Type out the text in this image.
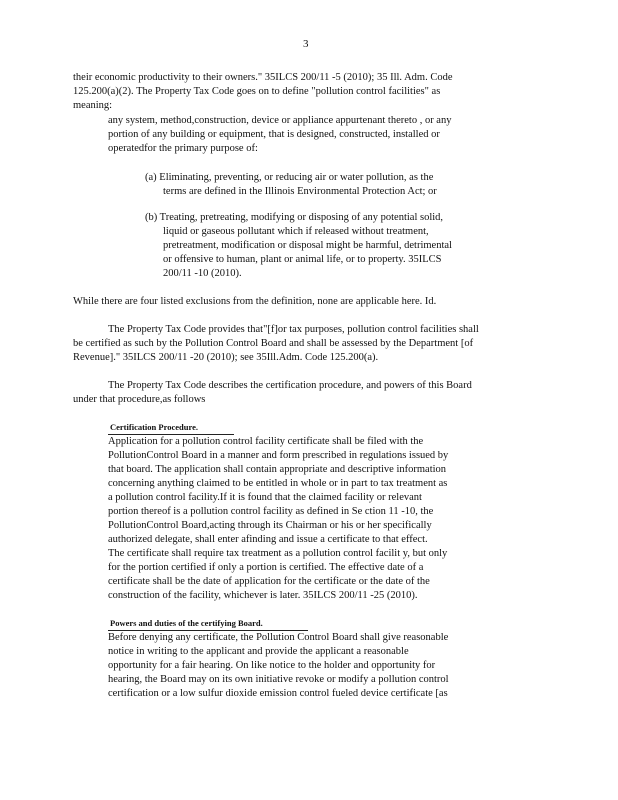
3
their economic productivity to their owners." 35ILCS 200/11 -5 (2010); 35 Ill. Adm. Code
125.200(a)(2). The Property Tax Code goes on to define "pollution control facilities" as
meaning:
any system, method,construction, device or appliance appurtenant thereto , or any
portion of any building or equipment, that is designed, constructed, installed or
operatedfor the primary purpose of:
(a) Eliminating, preventing, or reducing air or water pollution, as the
terms are defined in the Illinois Environmental Protection Act; or
(b) Treating, pretreating, modifying or disposing of any potential solid,
liquid or gaseous pollutant which if released without treatment,
pretreatment, modification or disposal might be harmful, detrimental
or offensive to human, plant or animal life, or to property. 35ILCS
200/11 -10 (2010).
While there are four listed exclusions from the definition, none are applicable here. Id.
The Property Tax Code provides that"[f]or tax purposes, pollution control facilities shall
be certified as such by the Pollution Control Board and shall be assessed by the Department [of
Revenue]." 35ILCS 200/11 -20 (2010); see 35Ill.Adm. Code 125.200(a).
The Property Tax Code describes the certification procedure, and powers of this Board
under that procedure,as follows
Certification Procedure.
Application for a pollution control facility certificate shall be filed with the
PollutionControl Board in a manner and form prescribed in regulations issued by
that board. The application shall contain appropriate and descriptive information
concerning anything claimed to be entitled in whole or in part to tax treatment as
a pollution control facility.If it is found that the claimed facility or relevant
portion thereof is a pollution control facility as defined in Se ction 11 -10, the
PollutionControl Board,acting through its Chairman or his or her specifically
authorized delegate, shall enter afinding and issue a certificate to that effect.
The certificate shall require tax treatment as a pollution control facilit y, but only
for the portion certified if only a portion is certified. The effective date of a
certificate shall be the date of application for the certificate or the date of the
construction of the facility, whichever is later. 35ILCS 200/11 -25 (2010).
Powers and duties of the certifying Board.
Before denying any certificate, the Pollution Control Board shall give reasonable
notice in writing to the applicant and provide the applicant a reasonable
opportunity for a fair hearing. On like notice to the holder and opportunity for
hearing, the Board may on its own initiative revoke or modify a pollution control
certification or a low sulfur dioxide emission control fueled device certificate [as
